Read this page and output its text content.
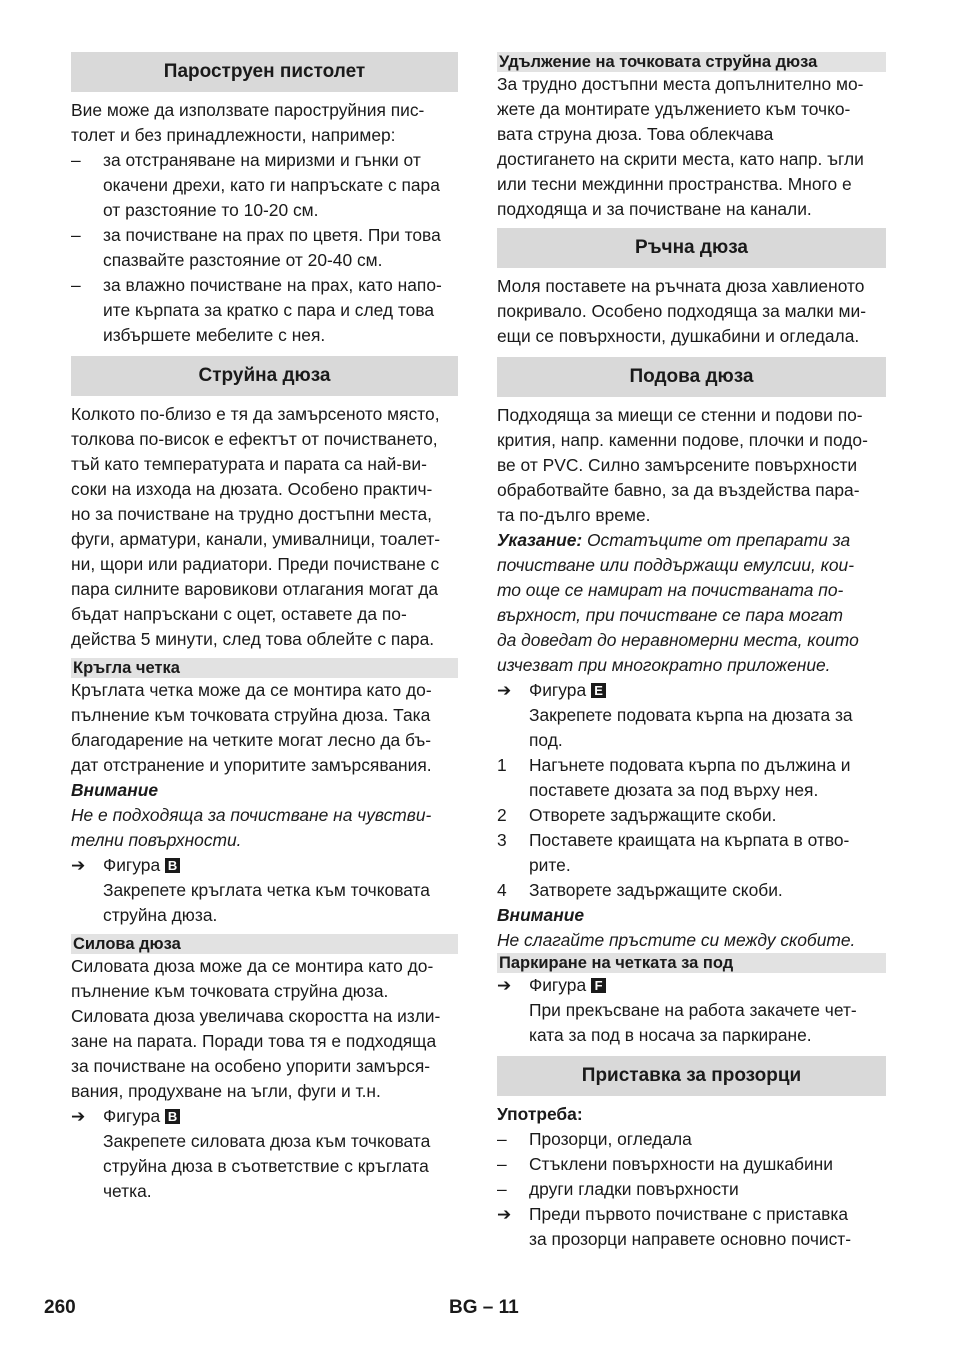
Пароструен пистолет
Вие може да използвате пароструйния пис-
толет и без принадлежности, например:
–	за отстраняване на миризми и гънки от
окачени дрехи, като ги напръскате с пара
от разстояние то 10-20 см.
–	за почистване на прах по цветя. При това
спазвайте разстояние от 20-40 см.
–	за влажно почистване на прах, като напо-
ите кърпата за кратко с пара и след това
избършете мебелите с нея.
Струйна дюза
Колкото по-близо е тя да замърсеното място,
толкова по-висок е ефектът от почистването,
тъй като температурата и парата са най-ви-
соки на изхода на дюзата. Особено практич-
но за почистване на трудно достъпни места,
фуги, арматури, канали, умивалници, тоалет-
ни, щори или радиатори. Преди почистване с
пара силните варовикови отлагания могат да
бъдат напръскани с оцет, оставете да по-
действа 5 минути, след това облейте с пара.
Кръгла четка
Кръглата четка може да се монтира като до-
пълнение към точковата струйна дюза. Така
благодарение на четките могат лесно да бъ-
дат отстранение и упоритите замърсявания.
Внимание
Не е подходяща за почистване на чувстви-
телни повърхности.
➔	Фигура B
Закрепете кръглата четка към точковата
струйна дюза.
Силова дюза
Силовата дюза може да се монтира като до-
пълнение към точковата струйна дюза.
Силовата дюза увеличава скоростта на изли-
зане на парата. Поради това тя е подходяща
за почистване на особено упорити замърся-
вания, продухване на ъгли, фуги и т.н.
➔	Фигура B
Закрепете силовата дюза към точковата
струйна дюза в съответствие с кръглата
четка.
Удължение на точковата струйна дюза
За трудно достъпни места допълнително мо-
жете да монтирате удължението към точко-
вата струна дюза. Това облекчава
достигането на скрити места, като напр. ъгли
или тесни междинни пространства. Много е
подходяща и за почистване на канали.
Ръчна дюза
Моля поставете на ръчната дюза хавлиеното
покривало. Особено подходяща за малки ми-
ещи се повърхности, душкабини и огледала.
Подова дюза
Подходяща за миещи се стенни и подови по-
крития, напр. каменни подове, плочки и подо-
ве от PVC. Силно замърсените повърхности
обработвайте бавно, за да въздейства пара-
та по-дълго време.
Указание: Остатъците от препарати за
почистване или поддържащи емулсии, кои-
то още се намират на почистваната по-
върхност, при почистване се пара могат
да доведат до неравномерни места, които
изчезват при многократно приложение.
➔	Фигура E
Закрепете подовата кърпа на дюзата за
под.
1	Нагънете подовата кърпа по дължина и
поставете дюзата за под върху нея.
2	Отворете задържащите скоби.
3	Поставете краищата на кърпата в отво-
рите.
4	Затворете задържащите скоби.
Внимание
Не слагайте пръстите си между скобите.
Паркиране на четката за под
➔	Фигура F
При прекъсване на работа закачете чет-
ката за под в носача за паркиране.
Приставка за прозорци
Употреба:
–	Прозорци, огледала
–	Стъклени повърхности на душкабини
–	други гладки повърхности
➔	Преди първото почистване с приставка
за прозорци направете основно почист-
260	BG – 11
